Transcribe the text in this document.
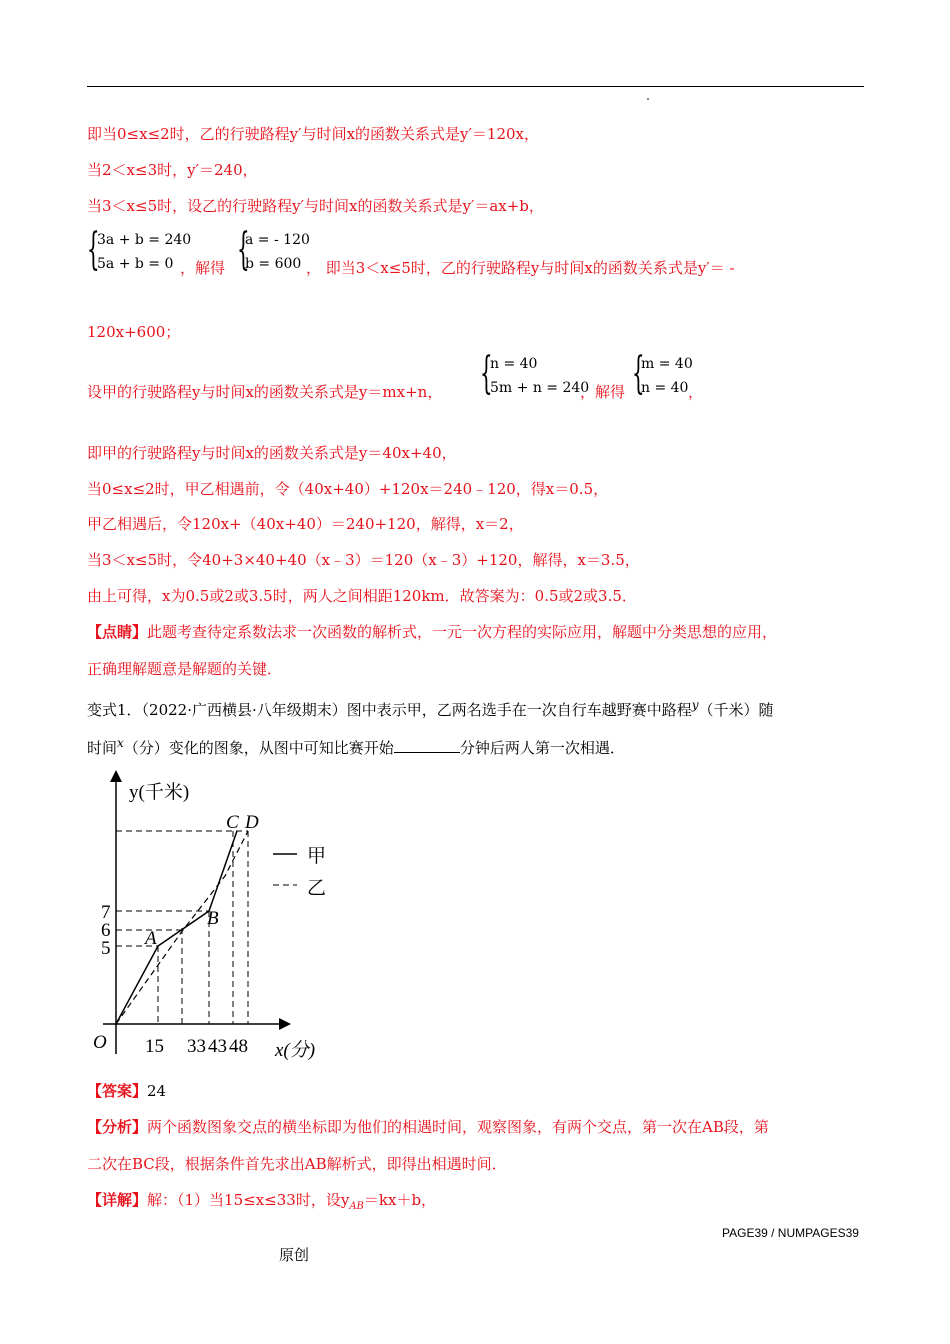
即当0≤x≤2时，乙的行驶路程y′与时间x的函数关系式是y′＝120x，
当2＜x≤3时，y′＝240，
当3＜x≤5时，设乙的行驶路程y′与时间x的函数关系式是y′＝ax+b，
{
3a + b = 240
5a + b = 0 ，解得 {
a = - 120
b = 600 ， 即当3＜x≤5时，乙的行驶路程y与时间x的函数关系式是y′＝ -
120x+600；
设甲的行驶路程y与时间x的函数关系式是y＝mx+n， {
n = 40
5m + n = 240
，解得 {
m = 40
n = 40 ，
即甲的行驶路程y与时间x的函数关系式是y＝40x+40，
当0≤x≤2时，甲乙相遇前，令（40x+40）+120x＝240﹣120，得x＝0.5，
甲乙相遇后，令120x+（40x+40）＝240+120，解得，x＝2，
当3＜x≤5时，令40+3×40+40（x﹣3）＝120（x﹣3）+120，解得，x＝3.5，
由上可得，x为0.5或2或3.5时，两人之间相距120km．故答案为：0.5或2或3.5．
【点睛】此题考查待定系数法求一次函数的解析式，一元一次方程的实际应用，解题中分类思想的应用，
正确理解题意是解题的关键．
变式1．（2022·广西横县·八年级期末）图中表示甲，乙两名选手在一次自行车越野赛中路程$^y$（千米）随
时间$^x$（分）变化的图象，从图中可知比赛开始	分钟后两人第一次相遇．
y(千米)
x(分)
O
7
6
5
15 33 43 48
A
B
C D
甲
乙
【答案】24
【分析】两个函数图象交点的横坐标即为他们的相遇时间，观察图象，有两个交点，第一次在AB段，第
二次在BC段，根据条件首先求出AB解析式，即得出相遇时间．
【详解】解：（1）当15≤x≤33时，设$y_{AB}=kx+b$，
PAGE39 / NUMPAGES39
原创
